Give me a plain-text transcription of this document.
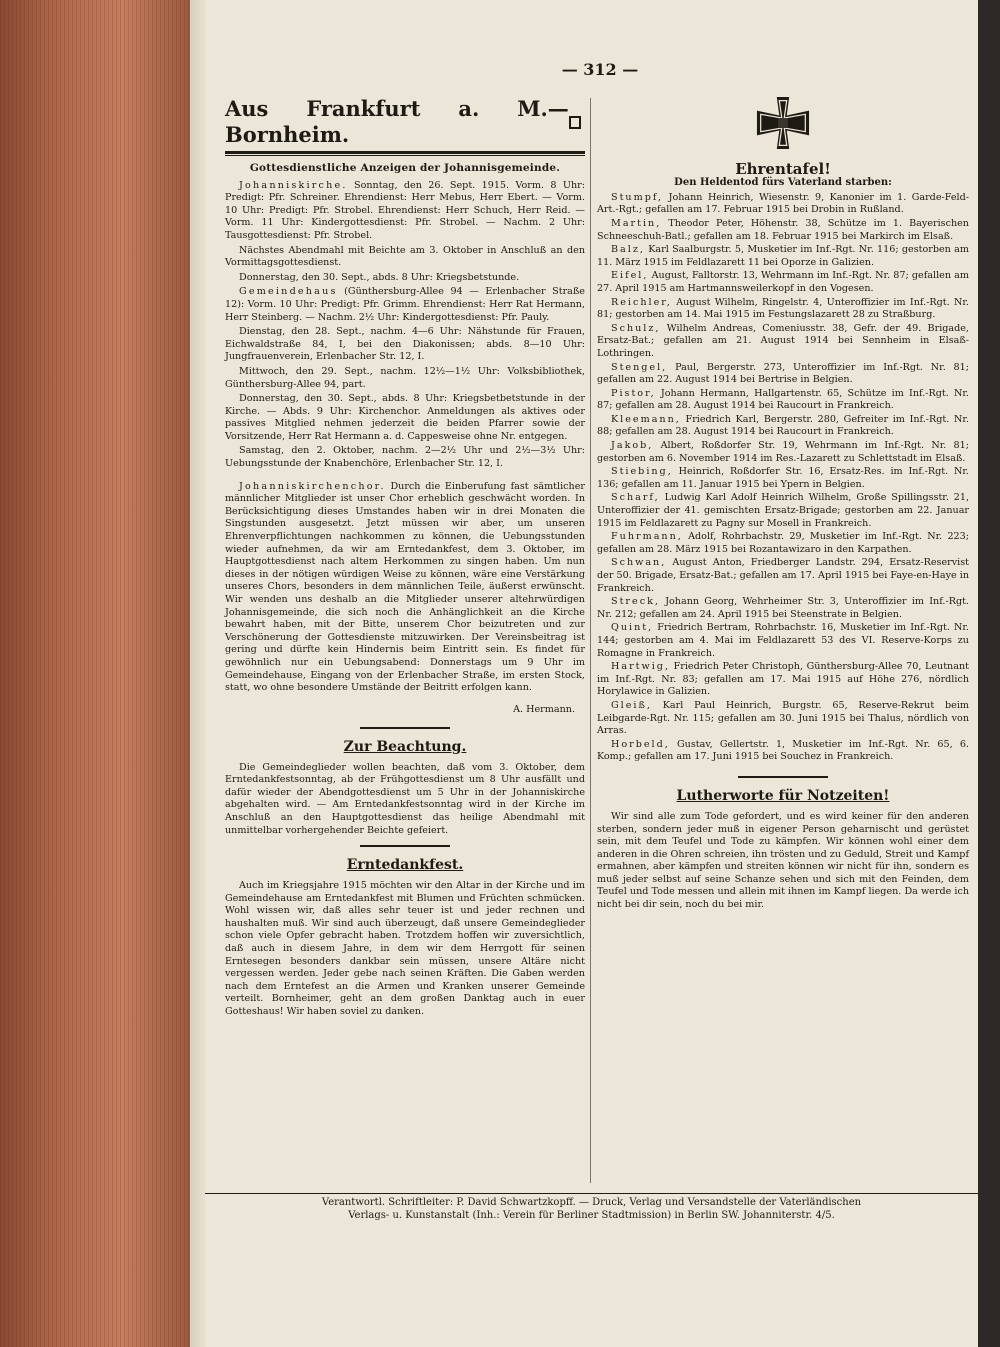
— 312 —
Aus Frankfurt a. M.—Bornheim.
Gottesdienstliche Anzeigen der Johannisgemeinde.

Johanniskirche. Sonntag, den 26. Sept. 1915. Vorm. 8 Uhr: Predigt: Pfr. Schreiner. Ehrendienst: Herr Mebus, Herr Ebert. — Vorm. 10 Uhr: Predigt: Pfr. Strobel. Ehrendienst: Herr Schuch, Herr Reid. — Vorm. 11 Uhr: Kindergottesdienst: Pfr. Strobel. — Nachm. 2 Uhr: Tausgottesdienst: Pfr. Strobel.

Nächstes Abendmahl mit Beichte am 3. Oktober in Anschluß an den Vormittagsgottesdienst.

Donnerstag, den 30. Sept., abds. 8 Uhr: Kriegsbetstunde.

Gemeindehaus (Günthersburg-Allee 94 — Erlenbacher Straße 12): Vorm. 10 Uhr: Predigt: Pfr. Grimm. Ehrendienst: Herr Rat Hermann, Herr Steinberg. — Nachm. 2½ Uhr: Kindergottesdienst: Pfr. Pauly.

Dienstag, den 28. Sept., nachm. 4—6 Uhr: Nähstunde für Frauen, Eichwaldstraße 84, I, bei den Diakonissen; abds. 8—10 Uhr: Jungfrauenverein, Erlenbacher Str. 12, I.

Mittwoch, den 29. Sept., nachm. 12½—1½ Uhr: Volksbibliothek, Günthersburg-Allee 94, part.

Donnerstag, den 30. Sept., abds. 8 Uhr: Kriegsbetbetstunde in der Kirche. — Abds. 9 Uhr: Kirchenchor. Anmeldungen als aktives oder passives Mitglied nehmen jederzeit die beiden Pfarrer sowie der Vorsitzende, Herr Rat Hermann a. d. Cappesweise ohne Nr. entgegen.

Samstag, den 2. Oktober, nachm. 2—2½ Uhr und 2½—3½ Uhr: Uebungsstunde der Knabenchöre, Erlenbacher Str. 12, I.

Johanniskirchenchor. Durch die Einberufung fast sämtlicher männlicher Mitglieder ist unser Chor erheblich geschwächt worden. In Berücksichtigung dieses Umstandes haben wir in drei Monaten die Singstunden ausgesetzt. Jetzt müssen wir aber, um unseren Ehrenverpflichtungen nachkommen zu können, die Uebungsstunden wieder aufnehmen, da wir am Erntedankfest, dem 3. Oktober, im Hauptgottesdienst nach altem Herkommen zu singen haben. Um nun dieses in der nötigen würdigen Weise zu können, wäre eine Verstärkung unseres Chors, besonders in dem männlichen Teile, äußerst erwünscht. Wir wenden uns deshalb an die Mitglieder unserer altehrwürdigen Johannisgemeinde, die sich noch die Anhänglichkeit an die Kirche bewahrt haben, mit der Bitte, unserem Chor beizutreten und zur Verschönerung der Gottesdienste mitzuwirken. Der Vereinsbeitrag ist gering und dürfte kein Hindernis beim Eintritt sein. Es findet für gewöhnlich nur ein Uebungsabend: Donnerstags um 9 Uhr im Gemeindehause, Eingang von der Erlenbacher Straße, im ersten Stock, statt, wo ohne besondere Umstände der Beitritt erfolgen kann.

A. Hermann.

Zur Beachtung.

Die Gemeindeglieder wollen beachten, daß vom 3. Oktober, dem Erntedankfestsonntag, ab der Frühgottesdienst um 8 Uhr ausfällt und dafür wieder der Abendgottesdienst um 5 Uhr in der Johanniskirche abgehalten wird. — Am Erntedankfestsonntag wird in der Kirche im Anschluß an den Hauptgottesdienst das heilige Abendmahl mit unmittelbar vorhergehender Beichte gefeiert.

Erntedankfest.

Auch im Kriegsjahre 1915 möchten wir den Altar in der Kirche und im Gemeindehause am Erntedankfest mit Blumen und Früchten schmücken. Wohl wissen wir, daß alles sehr teuer ist und jeder rechnen und haushalten muß. Wir sind auch überzeugt, daß unsere Gemeindeglieder schon viele Opfer gebracht haben. Trotzdem hoffen wir zuversichtlich, daß auch in diesem Jahre, in dem wir dem Herrgott für seinen Erntesegen besonders dankbar sein müssen, unsere Altäre nicht vergessen werden. Jeder gebe nach seinen Kräften. Die Gaben werden nach dem Erntefest an die Armen und Kranken unserer Gemeinde verteilt. Bornheimer, geht an dem großen Danktag auch in euer Gotteshaus! Wir haben soviel zu danken.

Ehrentafel!
Den Heldentod fürs Vaterland starben:

Stumpf, Johann Heinrich, Wiesenstr. 9, Kanonier im 1. Garde-Feld-Art.-Rgt.; gefallen am 17. Februar 1915 bei Drobin in Rußland.

Martin, Theodor Peter, Höhenstr. 38, Schütze im 1. Bayerischen Schneeschuh-Batl.; gefallen am 18. Februar 1915 bei Markirch im Elsaß.

Balz, Karl Saalburgstr. 5, Musketier im Inf.-Rgt. Nr. 116; gestorben am 11. März 1915 im Feldlazarett 11 bei Oporze in Galizien.

Eifel, August, Falltorstr. 13, Wehrmann im Inf.-Rgt. Nr. 87; gefallen am 27. April 1915 am Hartmannsweilerkopf in den Vogesen.

Reichler, August Wilhelm, Ringelstr. 4, Unteroffizier im Inf.-Rgt. Nr. 81; gestorben am 14. Mai 1915 im Festungslazarett 28 zu Straßburg.

Schulz, Wilhelm Andreas, Comeniusstr. 38, Gefr. der 49. Brigade, Ersatz-Bat.; gefallen am 21. August 1914 bei Sennheim in Elsaß-Lothringen.

Stengel, Paul, Bergerstr. 273, Unteroffizier im Inf.-Rgt. Nr. 81; gefallen am 22. August 1914 bei Bertrise in Belgien.

Pistor, Johann Hermann, Hallgartenstr. 65, Schütze im Inf.-Rgt. Nr. 87; gefallen am 28. August 1914 bei Raucourt in Frankreich.

Kleemann, Friedrich Karl, Bergerstr. 280, Gefreiter im Inf.-Rgt. Nr. 88; gefallen am 28. August 1914 bei Raucourt in Frankreich.

Jakob, Albert, Roßdorfer Str. 19, Wehrmann im Inf.-Rgt. Nr. 81; gestorben am 6. November 1914 im Res.-Lazarett zu Schlettstadt im Elsaß.

Stiebing, Heinrich, Roßdorfer Str. 16, Ersatz-Res. im Inf.-Rgt. Nr. 136; gefallen am 11. Januar 1915 bei Ypern in Belgien.

Scharf, Ludwig Karl Adolf Heinrich Wilhelm, Große Spillingsstr. 21, Unteroffizier der 41. gemischten Ersatz-Brigade; gestorben am 22. Januar 1915 im Feldlazarett zu Pagny sur Mosell in Frankreich.

Fuhrmann, Adolf, Rohrbachstr. 29, Musketier im Inf.-Rgt. Nr. 223; gefallen am 28. März 1915 bei Rozantawizaro in den Karpathen.

Schwan, August Anton, Friedberger Landstr. 294, Ersatz-Reservist der 50. Brigade, Ersatz-Bat.; gefallen am 17. April 1915 bei Faye-en-Haye in Frankreich.

Streck, Johann Georg, Wehrheimer Str. 3, Unteroffizier im Inf.-Rgt. Nr. 212; gefallen am 24. April 1915 bei Steenstrate in Belgien.

Quint, Friedrich Bertram, Rohrbachstr. 16, Musketier im Inf.-Rgt. Nr. 144; gestorben am 4. Mai im Feldlazarett 53 des VI. Reserve-Korps zu Romagne in Frankreich.

Hartwig, Friedrich Peter Christoph, Günthersburg-Allee 70, Leutnant im Inf.-Rgt. Nr. 83; gefallen am 17. Mai 1915 auf Höhe 276, nördlich Horylawice in Galizien.

Gleiß, Karl Paul Heinrich, Burgstr. 65, Reserve-Rekrut beim Leibgarde-Rgt. Nr. 115; gefallen am 30. Juni 1915 bei Thalus, nördlich von Arras.

Horbeld, Gustav, Gellertstr. 1, Musketier im Inf.-Rgt. Nr. 65, 6. Komp.; gefallen am 17. Juni 1915 bei Souchez in Frankreich.

Lutherworte für Notzeiten!

Wir sind alle zum Tode gefordert, und es wird keiner für den anderen sterben, sondern jeder muß in eigener Person geharnischt und gerüstet sein, mit dem Teufel und Tode zu kämpfen. Wir können wohl einer dem anderen in die Ohren schreien, ihn trösten und zu Geduld, Streit und Kampf ermahnen, aber kämpfen und streiten können wir nicht für ihn, sondern es muß jeder selbst auf seine Schanze sehen und sich mit den Feinden, dem Teufel und Tode messen und allein mit ihnen im Kampf liegen. Da werde ich nicht bei dir sein, noch du bei mir.

Verantwortl. Schriftleiter: P. David Schwartzkopff. — Druck, Verlag und Versandstelle der Vaterländischen
Verlags- u. Kunstanstalt (Inh.: Verein für Berliner Stadtmission) in Berlin SW. Johanniterstr. 4/5.
